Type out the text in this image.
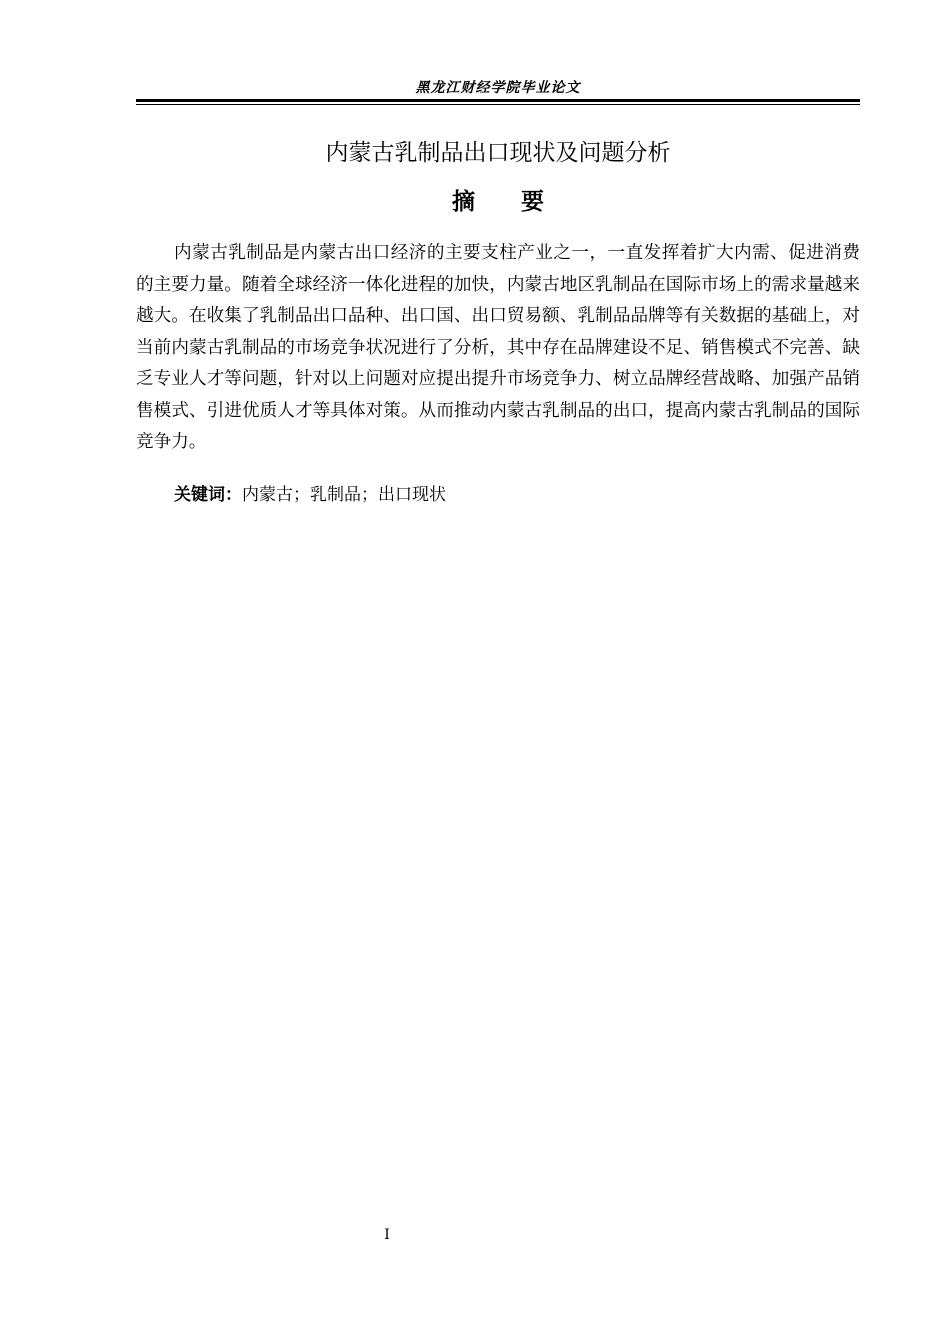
黑龙江财经学院毕业论文
内蒙古乳制品出口现状及问题分析
摘要

内蒙古乳制品是内蒙古出口经济的主要支柱产业之一，一直发挥着扩大内需、促进消费的主要力量。随着全球经济一体化进程的加快，内蒙古地区乳制品在国际市场上的需求量越来越大。在收集了乳制品出口品种、出口国、出口贸易额、乳制品品牌等有关数据的基础上，对当前内蒙古乳制品的市场竞争状况进行了分析，其中存在品牌建设不足、销售模式不完善、缺乏专业人才等问题，针对以上问题对应提出提升市场竞争力、树立品牌经营战略、加强产品销售模式、引进优质人才等具体对策。从而推动内蒙古乳制品的出口，提高内蒙古乳制品的国际竞争力。

关键词：内蒙古；乳制品；出口现状
I
